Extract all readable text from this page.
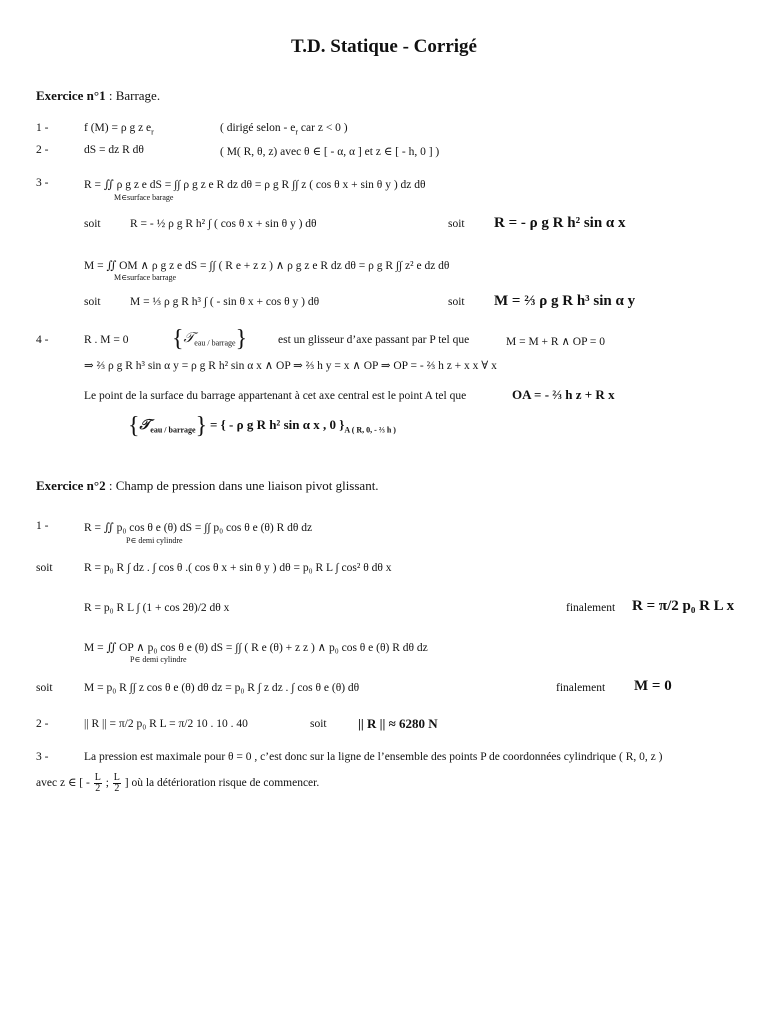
T.D. Statique - Corrigé
Exercice n°1 : Barrage.
1 -	f (M) = ρ g z $e_r$	( dirigé selon - $e_r$ car z < 0 )
2 -	dS = dz R dθ	( M( R, θ, z) avec θ ∈ [ - α, α ] et z ∈ [ - h, 0 ] )
3 -	R = ∬ ρ g z e dS = ∫∫ ρ g z e R dz dθ = ρ g R ∫∫ z ( cos θ x + sin θ y ) dz dθ
M∈surface barage
soit	R = - ½ ρ g R h² ∫ ( cos θ x + sin θ y ) dθ	soit R = - ρ g R h² sin α x
M = ∬ OM ∧ ρ g z e dS = ∫∫ ( R e + z z ) ∧ ρ g z e R dz dθ = ρ g R ∫∫ z² e dz dθ
M∈surface barrage
soit	M = ⅓ ρ g R h³ ∫ ( - sin θ x + cos θ y ) dθ	soit M = ⅔ ρ g R h³ sin α y
4 -	R . M = 0 {𝒯$_{eau / barrage}$}	est un glisseur d’axe passant par P tel que	M = M + R ∧ OP = 0
⇒ ⅔ ρ g R h³ sin α y = ρ g R h² sin α x ∧ OP ⇒ ⅔ h y = x ∧ OP ⇒ OP = - ⅔ h z + x x ∀ x
Le point de la surface du barrage appartenant à cet axe central est le point A tel que	OA = - ⅔ h z + R x
{𝒯$_{eau / barrage}$} = { - ρ g R h² sin α x , 0 }$_{A ( R, 0, - \frac{2}{3} h )}$
Exercice n°2 : Champ de pression dans une liaison pivot glissant.
1 -	R = ∬ p₀ cos θ e (θ) dS = ∫∫ p₀ cos θ e (θ) R dθ dz
P∈ demi cylindre
soit	R = p₀ R ∫ dz . ∫ cos θ .( cos θ x + sin θ y ) dθ = p₀ R L ∫ cos² θ dθ x
R = p₀ R L ∫ (1 + cos 2θ)/2 dθ x	finalement R = π/2 p₀ R L x
M = ∬ OP ∧ p₀ cos θ e (θ) dS = ∫∫ ( R e (θ) + z z ) ∧ p₀ cos θ e (θ) R dθ dz
P∈ demi cylindre
soit	M = p₀ R ∫∫ z cos θ e (θ) dθ dz = p₀ R ∫ z dz . ∫ cos θ e (θ) dθ	finalement M = 0
2 -	|| R || = π/2 p₀ R L = π/2 10 . 10 . 40	soit || R || ≈ 6280 N
3 -	La pression est maximale pour θ = 0 , c’est donc sur la ligne de l’ensemble des points P de coordonnées cylindrique ( R, 0, z )
avec z ∈ [ - $\frac{L}{2}$ ; $\frac{L}{2}$ ] où la détérioration risque de commencer.
